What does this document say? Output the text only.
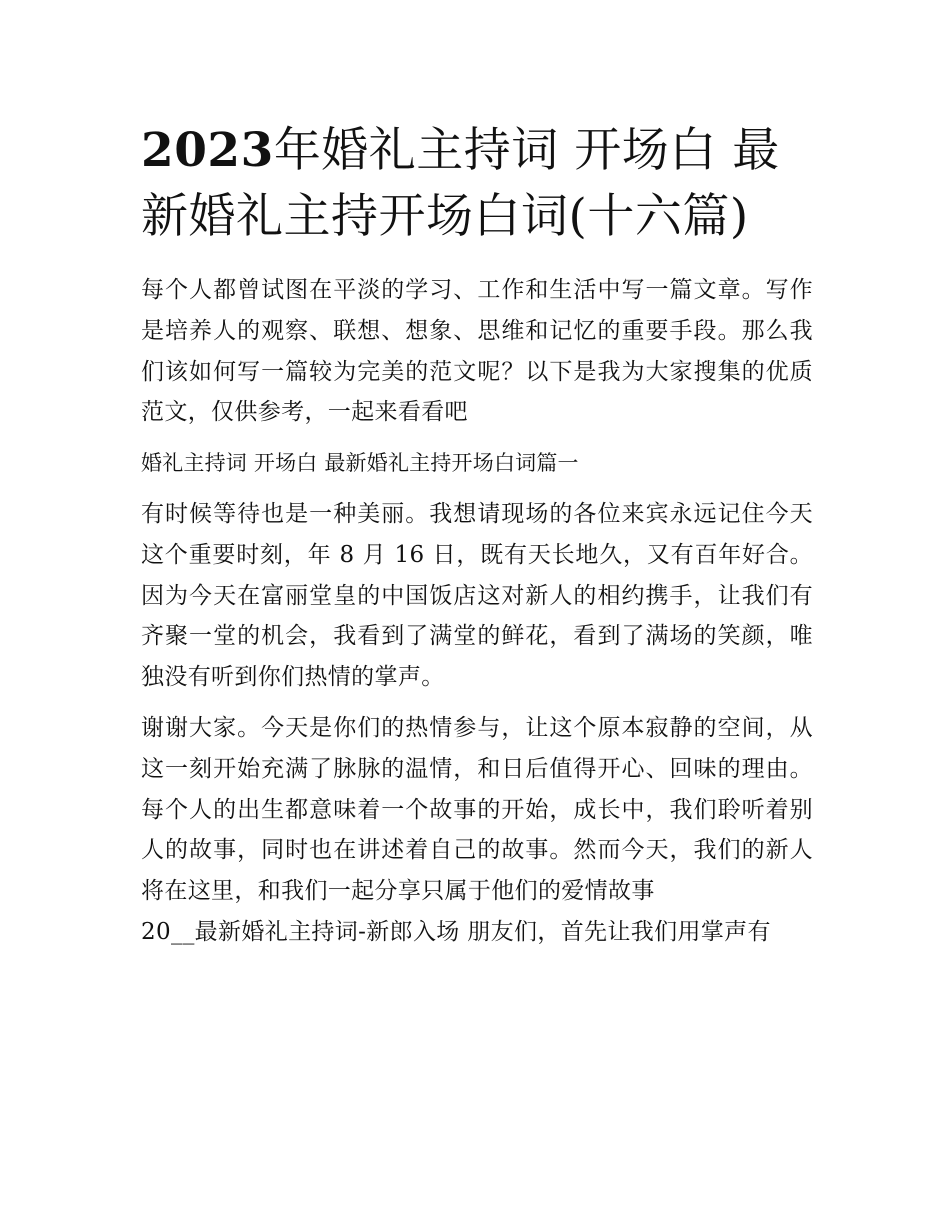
2023年婚礼主持词 开场白 最新婚礼主持开场白词(十六篇)

每个人都曾试图在平淡的学习、工作和生活中写一篇文章。写作是培养人的观察、联想、想象、思维和记忆的重要手段。那么我们该如何写一篇较为完美的范文呢？以下是我为大家搜集的优质范文，仅供参考，一起来看看吧

婚礼主持词 开场白 最新婚礼主持开场白词篇一

有时候等待也是一种美丽。我想请现场的各位来宾永远记住今天这个重要时刻，年 8 月 16 日，既有天长地久，又有百年好合。因为今天在富丽堂皇的中国饭店这对新人的相约携手，让我们有齐聚一堂的机会，我看到了满堂的鲜花，看到了满场的笑颜，唯独没有听到你们热情的掌声。

谢谢大家。今天是你们的热情参与，让这个原本寂静的空间，从这一刻开始充满了脉脉的温情，和日后值得开心、回味的理由。每个人的出生都意味着一个故事的开始，成长中，我们聆听着别人的故事，同时也在讲述着自己的故事。然而今天，我们的新人将在这里，和我们一起分享只属于他们的爱情故事

20__最新婚礼主持词-新郎入场 朋友们，首先让我们用掌声有
